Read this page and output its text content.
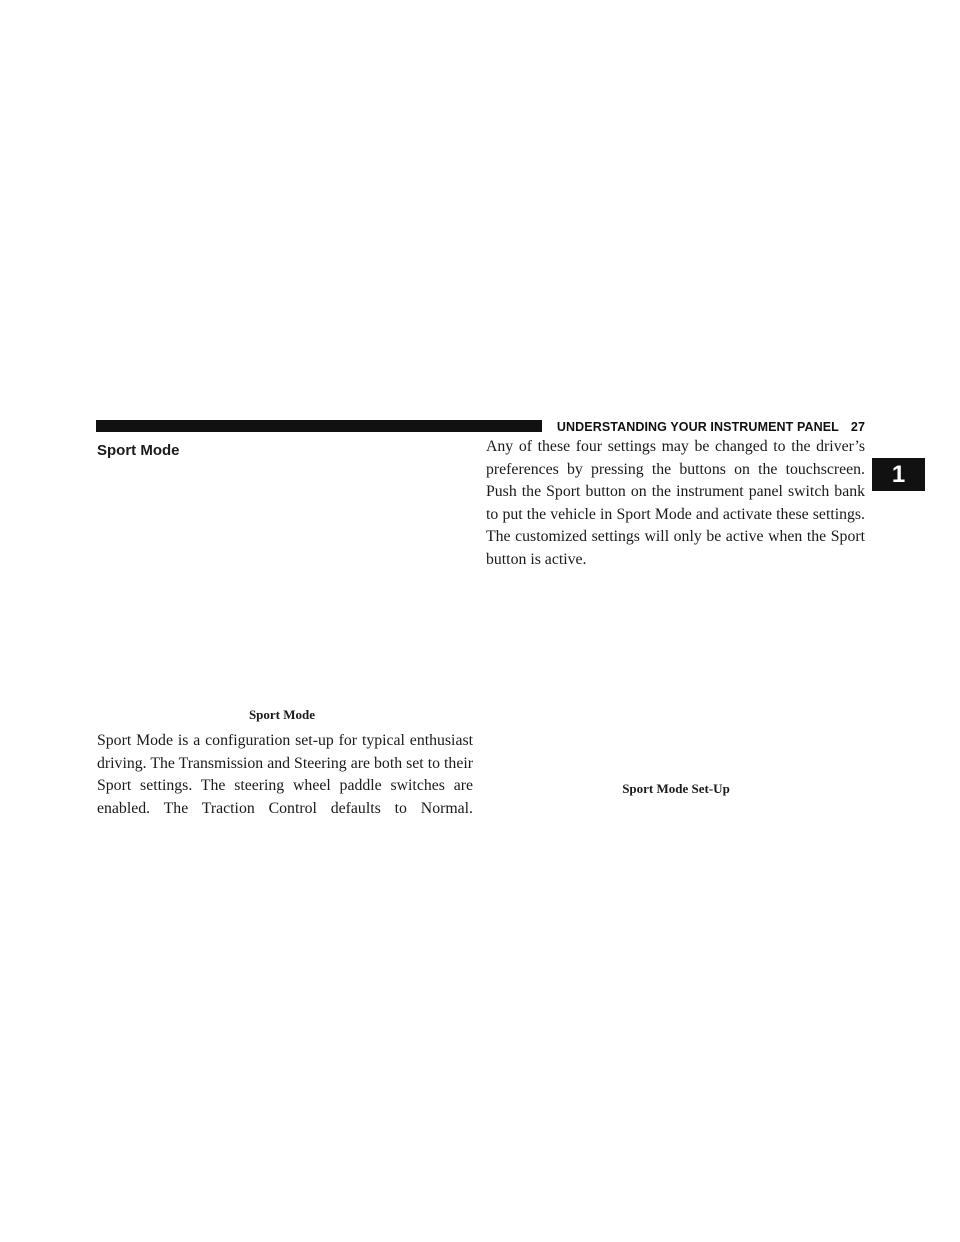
UNDERSTANDING YOUR INSTRUMENT PANEL 27
Sport Mode
1

Sport Mode

Sport Mode is a configuration set-up for typical enthusiast driving. The Transmission and Steering are both set to their Sport settings. The steering wheel paddle switches are enabled. The Traction Control defaults to Normal.

Any of these four settings may be changed to the driver’s preferences by pressing the buttons on the touchscreen. Push the Sport button on the instrument panel switch bank to put the vehicle in Sport Mode and activate these settings. The customized settings will only be active when the Sport button is active.

Sport Mode Set-Up
